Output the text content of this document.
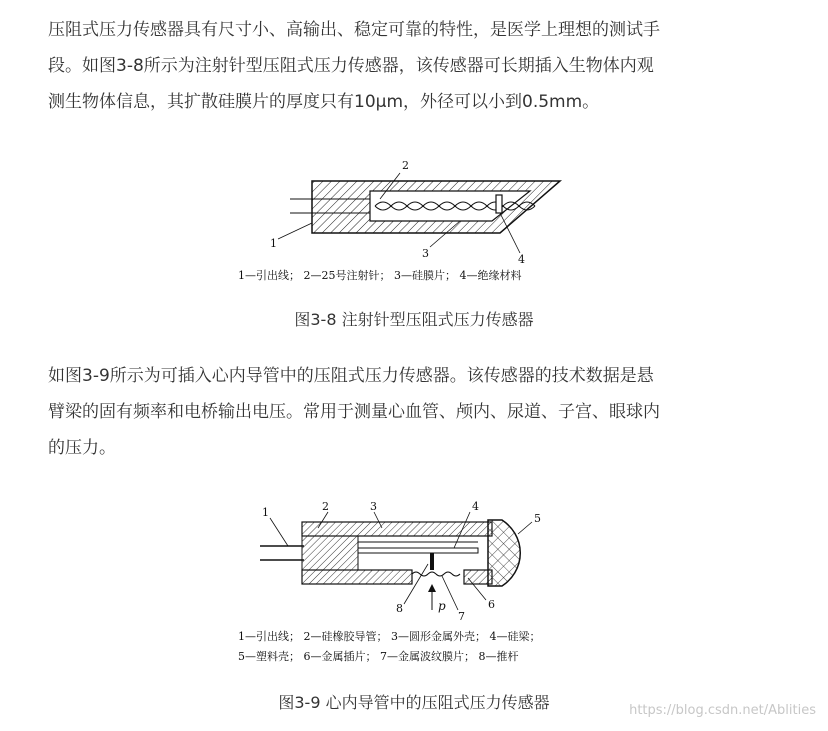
压阻式压力传感器具有尺寸小、高输出、稳定可靠的特性，是医学上理想的测试手
段。如图3-8所示为注射针型压阻式压力传感器，该传感器可长期插入生物体内观
测生物体信息，其扩散硅膜片的厚度只有10μm，外径可以小到0.5mm。

2
1
3	4
1—引出线； 2—25号注射针； 3—硅膜片； 4—绝缘材料
图3-8 注射针型压阻式压力传感器

如图3-9所示为可插入心内导管中的压阻式压力传感器。该传感器的技术数据是悬
臂梁的固有频率和电桥输出电压。常用于测量心血管、颅内、尿道、子宫、眼球内
的压力。

p
1	2	3	4
5
6
7
8
1—引出线； 2—硅橡胶导管； 3—圆形金属外壳； 4—硅梁；
5—塑料壳； 6—金属插片； 7—金属波纹膜片； 8—推杆
图3-9 心内导管中的压阻式压力传感器	https://blog.csdn.net/Ablities
